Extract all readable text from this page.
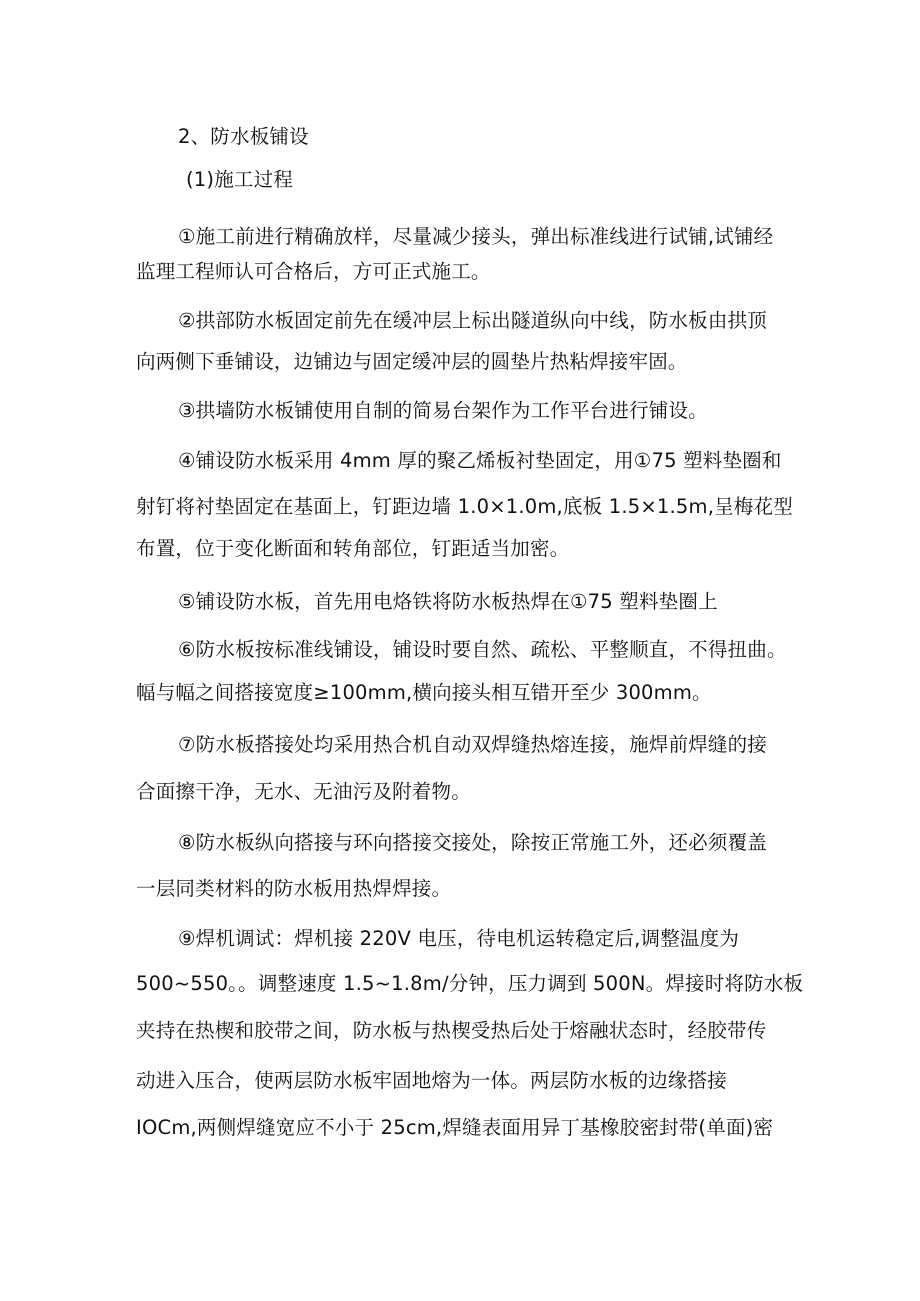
2、防水板铺设
(1)施工过程
①施工前进行精确放样，尽量减少接头，弹出标准线进行试铺,试铺经
监理工程师认可合格后，方可正式施工。
②拱部防水板固定前先在缓冲层上标出隧道纵向中线，防水板由拱顶
向两侧下垂铺设，边铺边与固定缓冲层的圆垫片热粘焊接牢固。
③拱墙防水板铺使用自制的简易台架作为工作平台进行铺设。
④铺设防水板采用 4mm 厚的聚乙烯板衬垫固定，用①75 塑料垫圈和
射钉将衬垫固定在基面上，钉距边墙 1.0×1.0m,底板 1.5×1.5m,呈梅花型
布置，位于变化断面和转角部位，钉距适当加密。
⑤铺设防水板，首先用电烙铁将防水板热焊在①75 塑料垫圈上
⑥防水板按标准线铺设，铺设时要自然、疏松、平整顺直，不得扭曲。
幅与幅之间搭接宽度≥100mm,横向接头相互错开至少 300mm。
⑦防水板搭接处均采用热合机自动双焊缝热熔连接，施焊前焊缝的接
合面擦干净，无水、无油污及附着物。
⑧防水板纵向搭接与环向搭接交接处，除按正常施工外，还必须覆盖
一层同类材料的防水板用热焊焊接。
⑨焊机调试：焊机接 220V 电压，待电机运转稳定后,调整温度为
500~550。。调整速度 1.5~1.8m∕分钟，压力调到 500N。焊接时将防水板
夹持在热楔和胶带之间，防水板与热楔受热后处于熔融状态时，经胶带传
动进入压合，使两层防水板牢固地熔为一体。两层防水板的边缘搭接
IOCm,两侧焊缝宽应不小于 25cm,焊缝表面用异丁基橡胶密封带(单面)密
